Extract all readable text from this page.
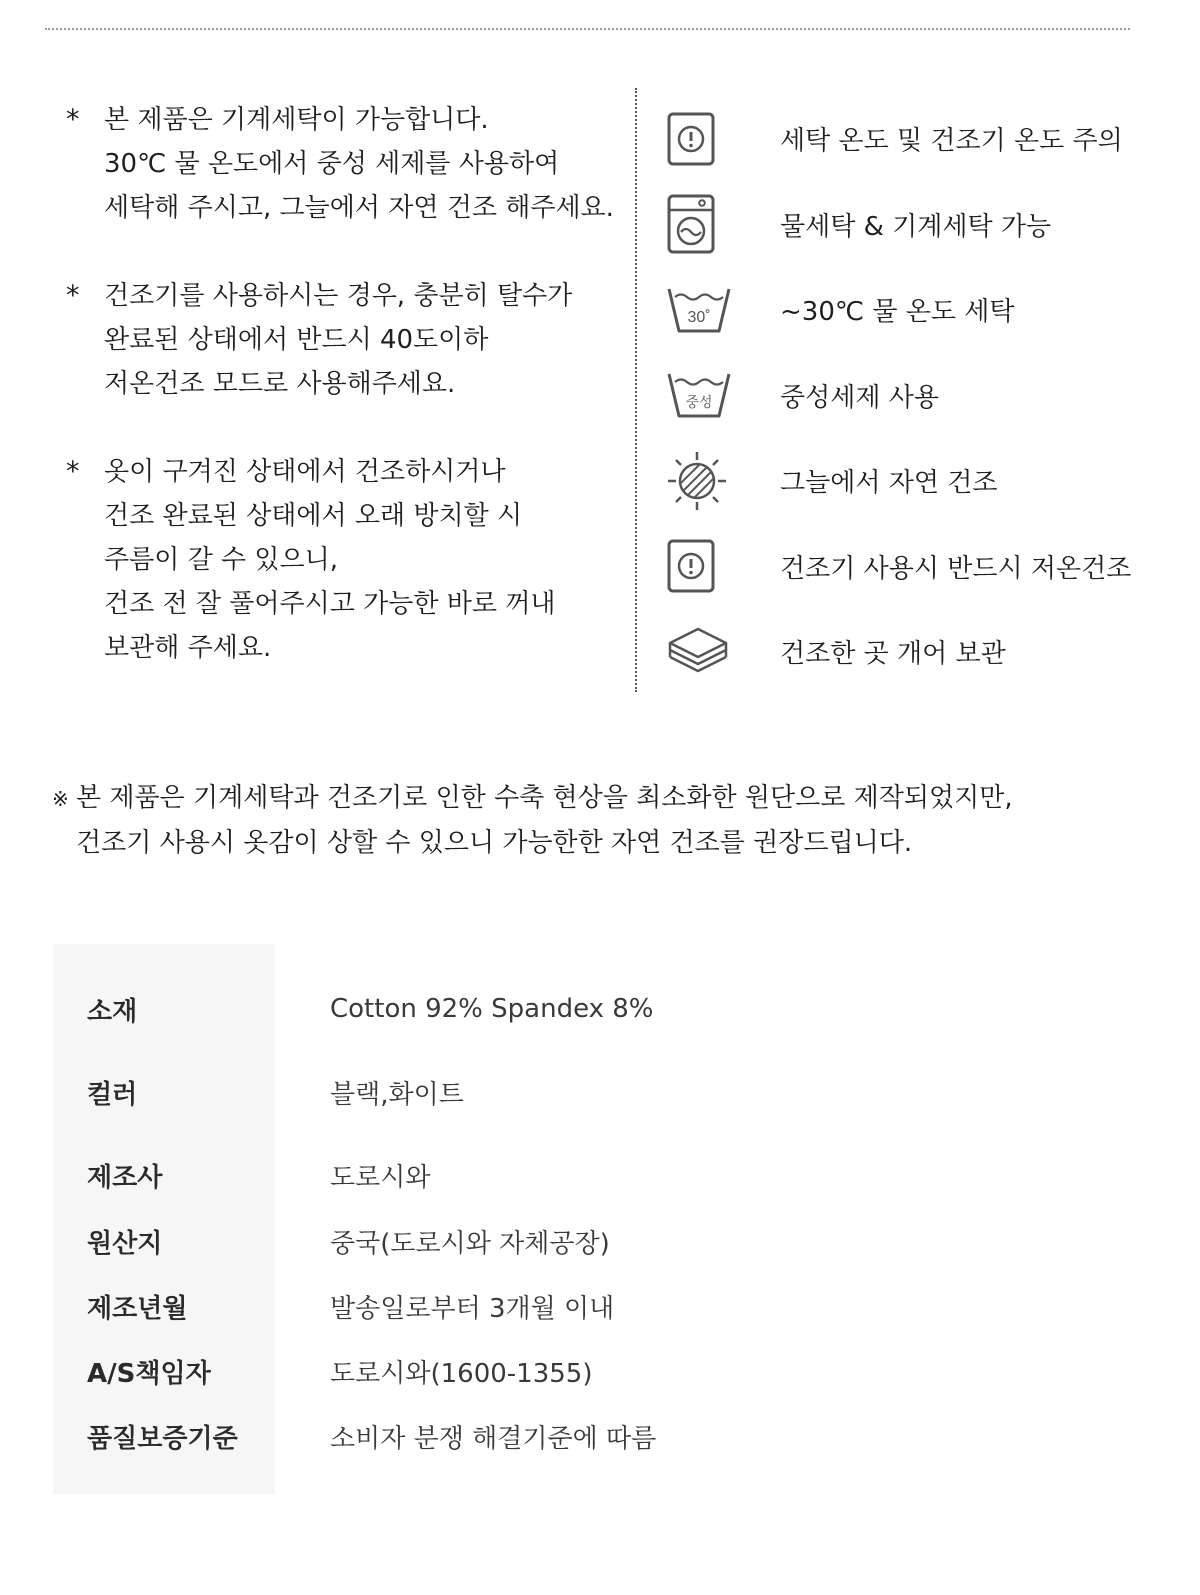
* 본 제품은 기계세탁이 가능합니다.
30℃ 물 온도에서 중성 세제를 사용하여
세탁해 주시고, 그늘에서 자연 건조 해주세요.
* 건조기를 사용하시는 경우, 충분히 탈수가
완료된 상태에서 반드시 40도이하
저온건조 모드로 사용해주세요.
* 옷이 구겨진 상태에서 건조하시거나
건조 완료된 상태에서 오래 방치할 시
주름이 갈 수 있으니,
건조 전 잘 풀어주시고 가능한 바로 꺼내
보관해 주세요.
세탁 온도 및 건조기 온도 주의
물세탁 & 기계세탁 가능
30˚	~30℃ 물 온도 세탁
중성	중성세제 사용
그늘에서 자연 건조
건조기 사용시 반드시 저온건조
건조한 곳 개어 보관
※ 본 제품은 기계세탁과 건조기로 인한 수축 현상을 최소화한 원단으로 제작되었지만,
건조기 사용시 옷감이 상할 수 있으니 가능한한 자연 건조를 권장드립니다.
소재	Cotton 92% Spandex 8%
컬러	블랙,화이트
제조사	도로시와
원산지	중국(도로시와 자체공장)
제조년월	발송일로부터 3개월 이내
A/S책임자	도로시와(1600-1355)
품질보증기준	소비자 분쟁 해결기준에 따름
